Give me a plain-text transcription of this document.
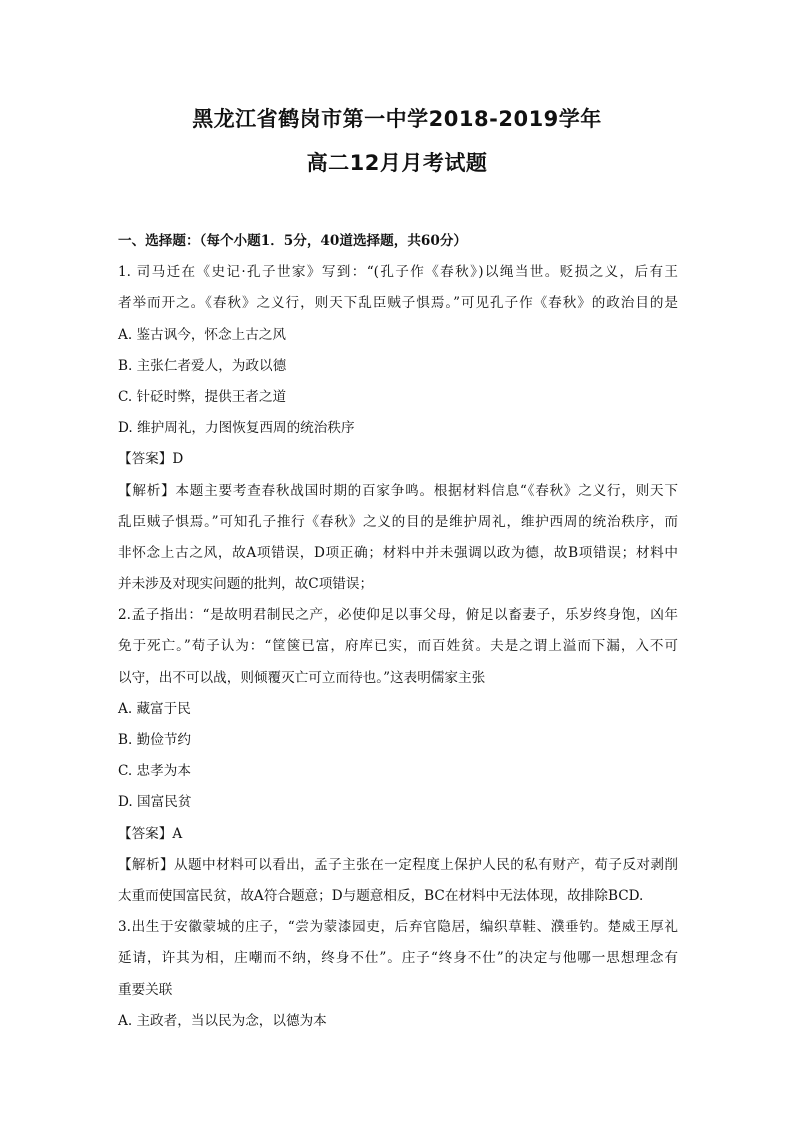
黑龙江省鹤岗市第一中学2018-2019学年
高二12月月考试题
一、选择题：（每个小题1．5分，40道选择题，共60分）
1. 司马迁在《史记·孔子世家》写到：“(孔子作《春秋》)以绳当世。贬损之义，后有王
者举而开之。《春秋》之义行，则天下乱臣贼子惧焉。”可见孔子作《春秋》的政治目的是
A. 鉴古讽今，怀念上古之风
B. 主张仁者爱人，为政以德
C. 针砭时弊，提供王者之道
D. 维护周礼，力图恢复西周的统治秩序
【答案】D
【解析】本题主要考查春秋战国时期的百家争鸣。根据材料信息“《春秋》之义行，则天下
乱臣贼子惧焉。”可知孔子推行《春秋》之义的目的是维护周礼，维护西周的统治秩序，而
非怀念上古之风，故A项错误，D项正确；材料中并未强调以政为德，故B项错误；材料中
并未涉及对现实问题的批判，故C项错误；
2.孟子指出：“是故明君制民之产，必使仰足以事父母，俯足以畜妻子，乐岁终身饱，凶年
免于死亡。”荀子认为：“筐箧已富，府库已实，而百姓贫。夫是之谓上溢而下漏，入不可
以守，出不可以战，则倾覆灭亡可立而待也。”这表明儒家主张
A. 藏富于民
B. 勤俭节约
C. 忠孝为本
D. 国富民贫
【答案】A
【解析】从题中材料可以看出，孟子主张在一定程度上保护人民的私有财产，荀子反对剥削
太重而使国富民贫，故A符合题意；D与题意相反，BC在材料中无法体现，故排除BCD.
3.出生于安徽蒙城的庄子，“尝为蒙漆园吏，后弃官隐居，编织草鞋、濮垂钓。楚威王厚礼
延请，许其为相，庄嘲而不纳，终身不仕”。庄子“终身不仕”的决定与他哪一思想理念有
重要关联
A. 主政者，当以民为念，以德为本
